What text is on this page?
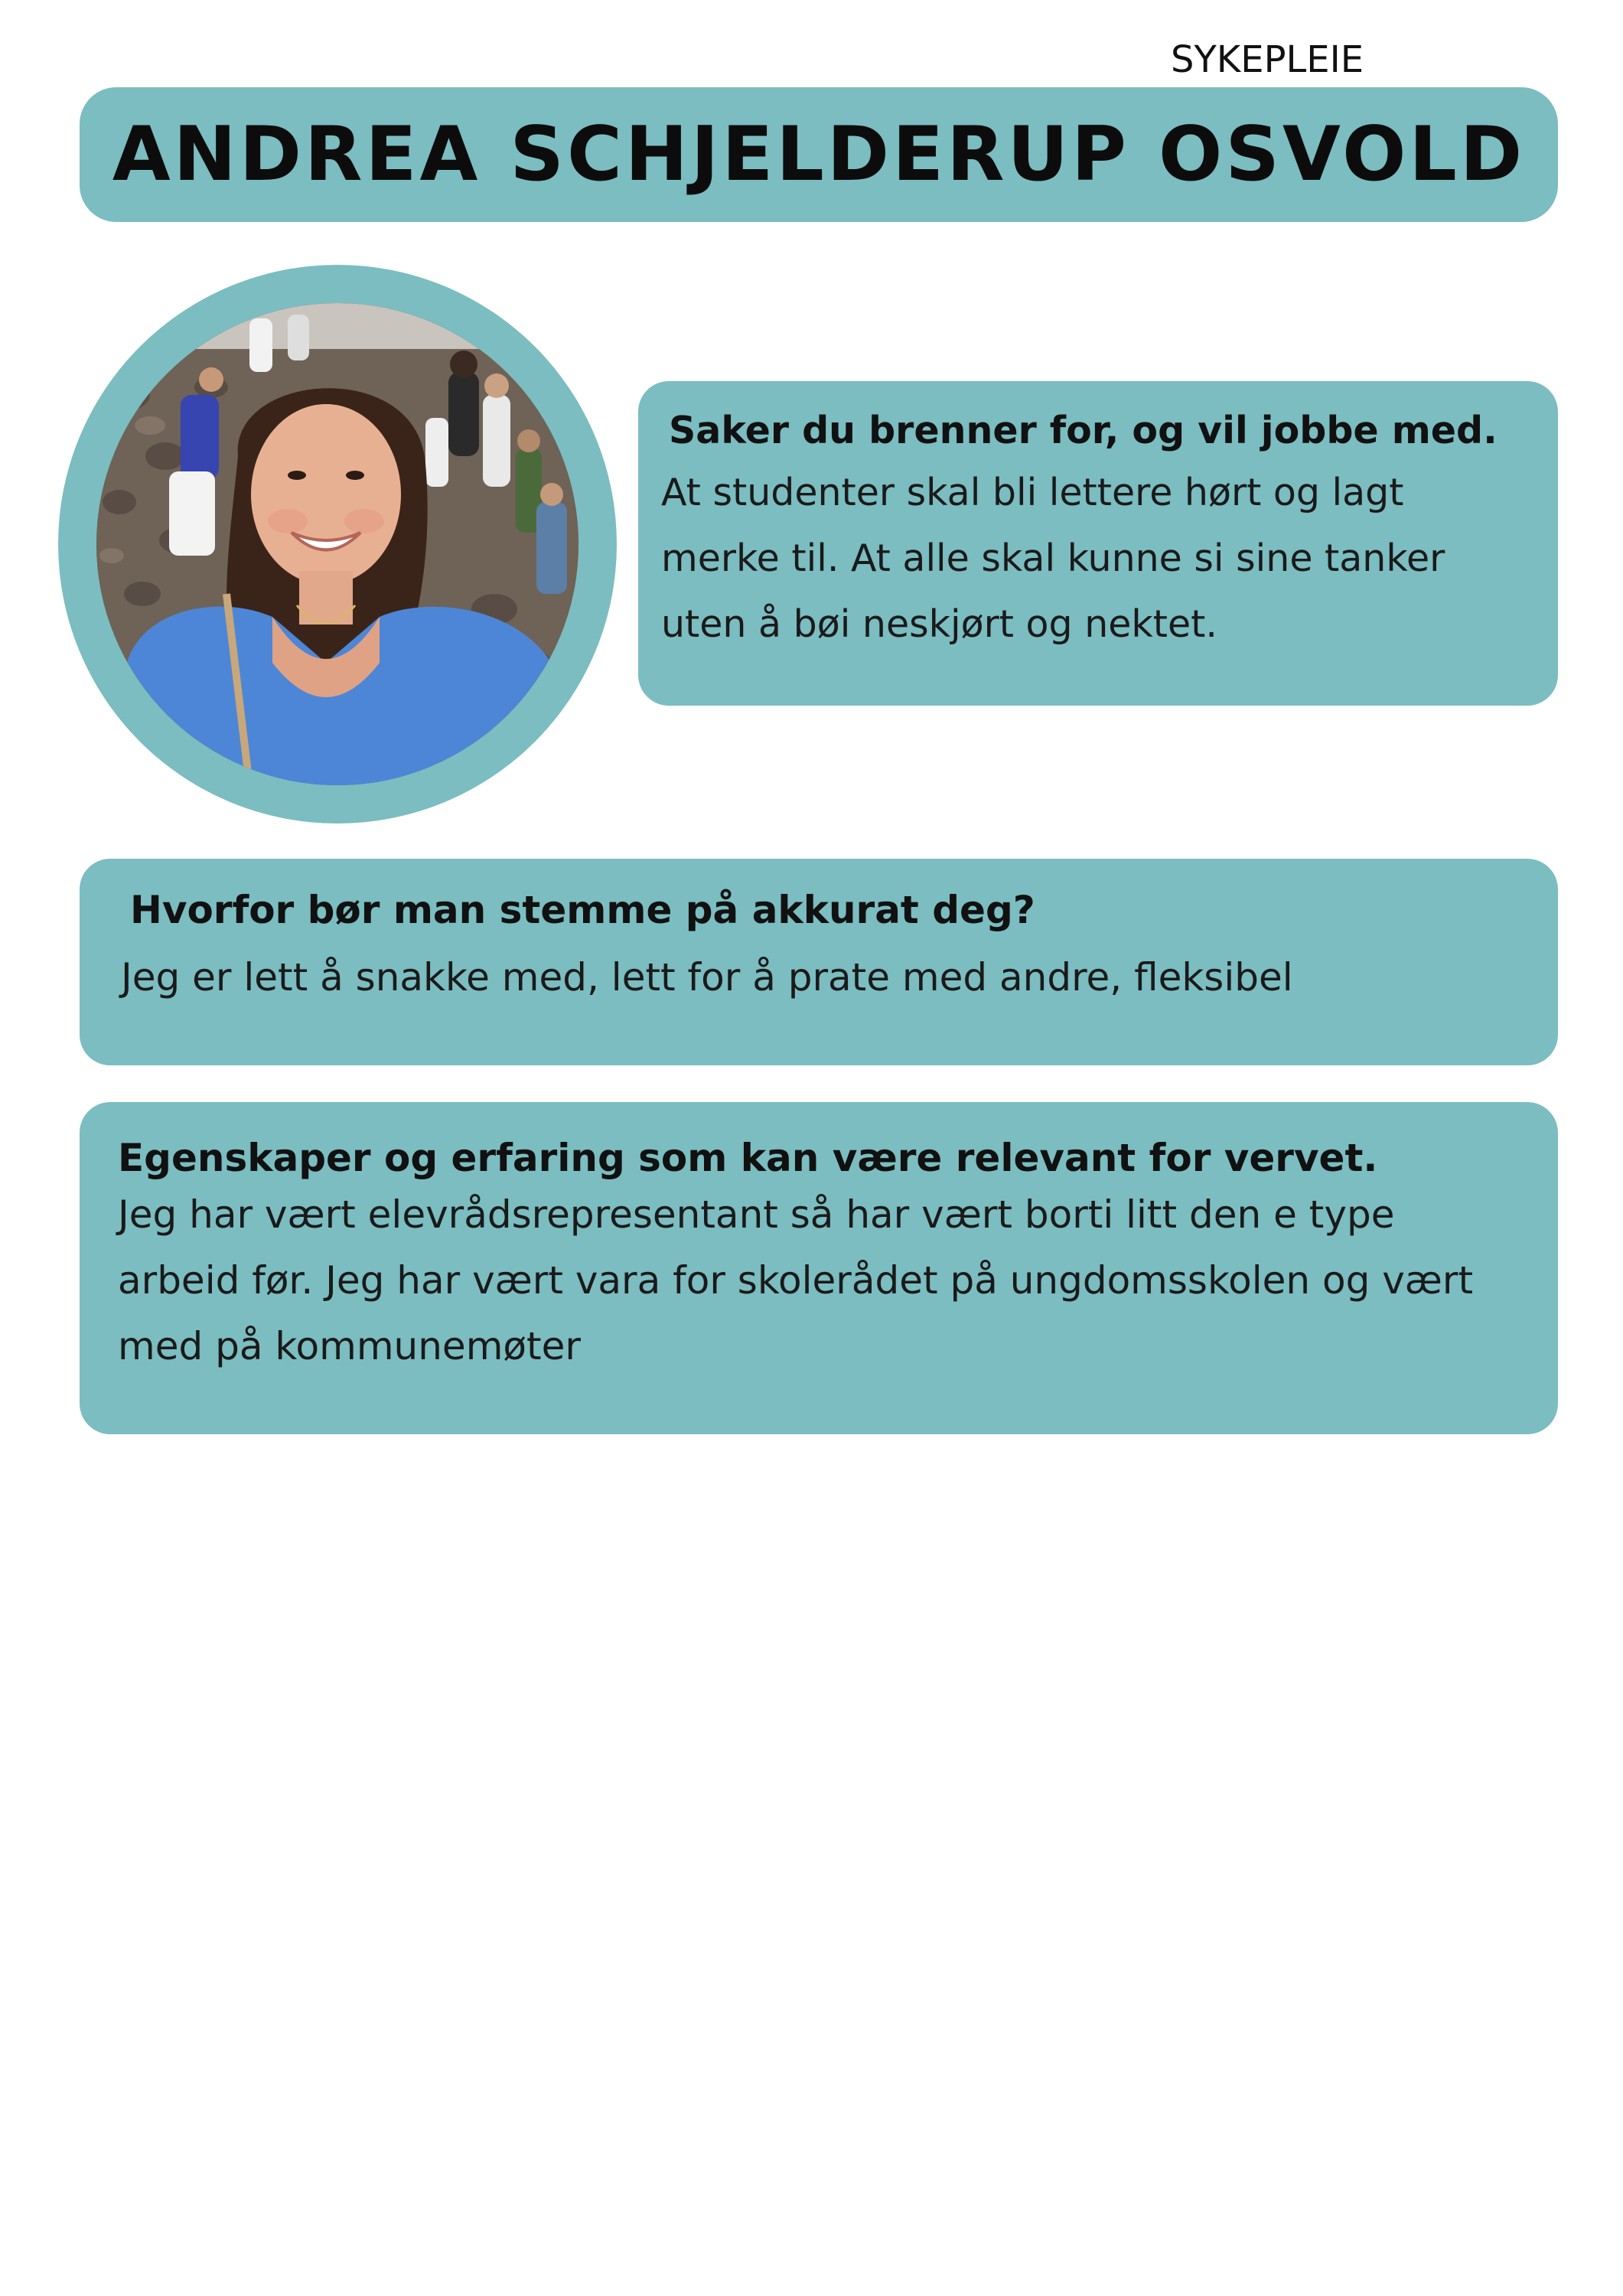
SYKEPLEIE
ANDREA SCHJELDERUP OSVOLD
Saker du brenner for, og vil jobbe med.
At studenter skal bli lettere hørt og lagt merke til. At alle skal kunne si sine tanker uten å bøi neskjørt og nektet.
Hvorfor bør man stemme på akkurat deg?
Jeg er lett å snakke med, lett for å prate med andre, fleksibel
Egenskaper og erfaring som kan være relevant for vervet.
Jeg har vært elevrådsrepresentant så har vært borti litt den e type arbeid før. Jeg har vært vara for skolerådet på ungdomsskolen og vært med på kommunemøter
